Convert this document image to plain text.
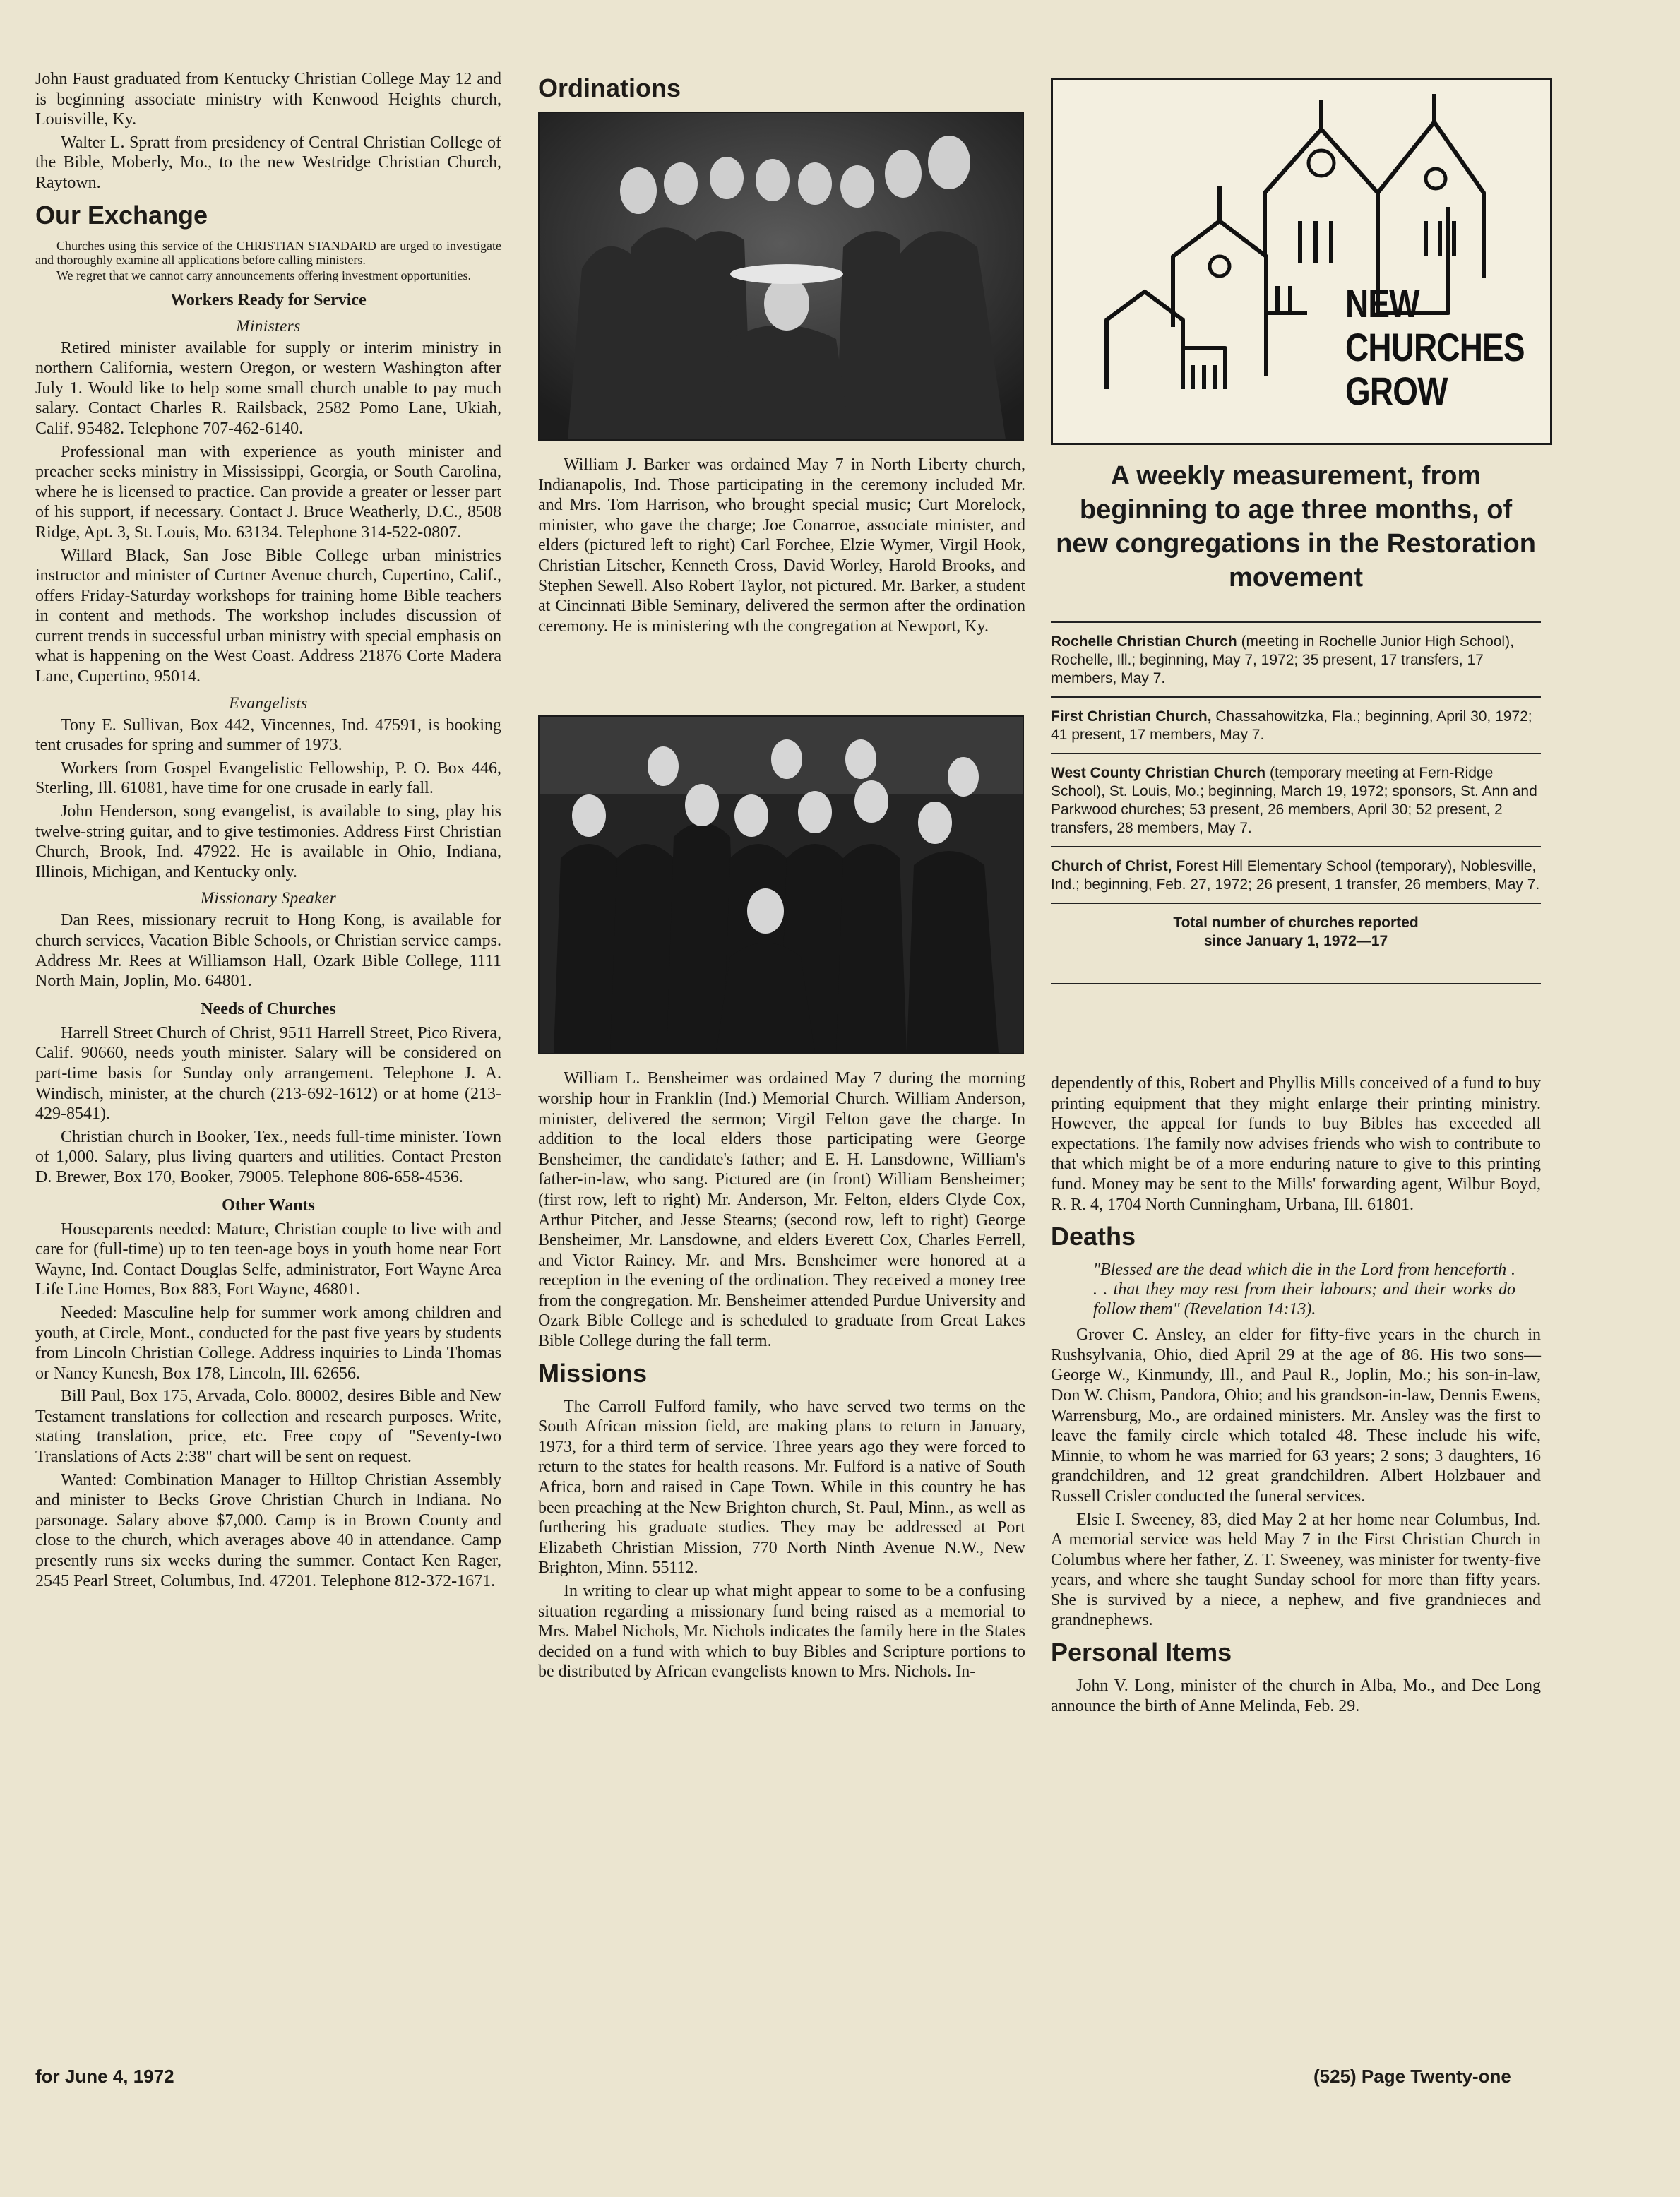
John Faust graduated from Kentucky Christian College May 12 and is beginning associate ministry with Kenwood Heights church, Louisville, Ky.

Walter L. Spratt from presidency of Central Christian College of the Bible, Moberly, Mo., to the new Westridge Christian Church, Raytown.

Our Exchange

Churches using this service of the CHRISTIAN STANDARD are urged to investigate and thoroughly examine all applications before calling ministers.

We regret that we cannot carry announcements offering investment opportunities.

Workers Ready for Service
Ministers

Retired minister available for supply or interim ministry in northern California, western Oregon, or western Washington after July 1. Would like to help some small church unable to pay much salary. Contact Charles R. Railsback, 2582 Pomo Lane, Ukiah, Calif. 95482. Telephone 707-462-6140.

Professional man with experience as youth minister and preacher seeks ministry in Mississippi, Georgia, or South Carolina, where he is licensed to practice. Can provide a greater or lesser part of his support, if necessary. Contact J. Bruce Weatherly, D.C., 8508 Ridge, Apt. 3, St. Louis, Mo. 63134. Telephone 314-522-0807.

Willard Black, San Jose Bible College urban ministries instructor and minister of Curtner Avenue church, Cupertino, Calif., offers Friday-Saturday workshops for training home Bible teachers in content and methods. The workshop includes discussion of current trends in successful urban ministry with special emphasis on what is happening on the West Coast. Address 21876 Corte Madera Lane, Cupertino, 95014.

Evangelists

Tony E. Sullivan, Box 442, Vincennes, Ind. 47591, is booking tent crusades for spring and summer of 1973.

Workers from Gospel Evangelistic Fellowship, P. O. Box 446, Sterling, Ill. 61081, have time for one crusade in early fall.

John Henderson, song evangelist, is available to sing, play his twelve-string guitar, and to give testimonies. Address First Christian Church, Brook, Ind. 47922. He is available in Ohio, Indiana, Illinois, Michigan, and Kentucky only.

Missionary Speaker

Dan Rees, missionary recruit to Hong Kong, is available for church services, Vacation Bible Schools, or Christian service camps. Address Mr. Rees at Williamson Hall, Ozark Bible College, 1111 North Main, Joplin, Mo. 64801.

Needs of Churches

Harrell Street Church of Christ, 9511 Harrell Street, Pico Rivera, Calif. 90660, needs youth minister. Salary will be considered on part-time basis for Sunday only arrangement. Telephone J. A. Windisch, minister, at the church (213-692-1612) or at home (213-429-8541).

Christian church in Booker, Tex., needs full-time minister. Town of 1,000. Salary, plus living quarters and utilities. Contact Preston D. Brewer, Box 170, Booker, 79005. Telephone 806-658-4536.

Other Wants

Houseparents needed: Mature, Christian couple to live with and care for (full-time) up to ten teen-age boys in youth home near Fort Wayne, Ind. Contact Douglas Selfe, administrator, Fort Wayne Area Life Line Homes, Box 883, Fort Wayne, 46801.

Needed: Masculine help for summer work among children and youth, at Circle, Mont., conducted for the past five years by students from Lincoln Christian College. Address inquiries to Linda Thomas or Nancy Kunesh, Box 178, Lincoln, Ill. 62656.

Bill Paul, Box 175, Arvada, Colo. 80002, desires Bible and New Testament translations for collection and research purposes. Write, stating translation, price, etc. Free copy of "Seventy-two Translations of Acts 2:38" chart will be sent on request.

Wanted: Combination Manager to Hilltop Christian Assembly and minister to Becks Grove Christian Church in Indiana. No parsonage. Salary above $7,000. Camp is in Brown County and close to the church, which averages above 40 in attendance. Camp presently runs six weeks during the summer. Contact Ken Rager, 2545 Pearl Street, Columbus, Ind. 47201. Telephone 812-372-1671.

Ordinations

William J. Barker was ordained May 7 in North Liberty church, Indianapolis, Ind. Those participating in the ceremony included Mr. and Mrs. Tom Harrison, who brought special music; Curt Morelock, minister, who gave the charge; Joe Conarroe, associate minister, and elders (pictured left to right) Carl Forchee, Elzie Wymer, Virgil Hook, Christian Litscher, Kenneth Cross, David Worley, Harold Brooks, and Stephen Sewell. Also Robert Taylor, not pictured. Mr. Barker, a student at Cincinnati Bible Seminary, delivered the sermon after the ordination ceremony. He is ministering wth the congregation at Newport, Ky.

William L. Bensheimer was ordained May 7 during the morning worship hour in Franklin (Ind.) Memorial Church. William Anderson, minister, delivered the sermon; Virgil Felton gave the charge. In addition to the local elders those participating were George Bensheimer, the candidate's father; and E. H. Lansdowne, William's father-in-law, who sang. Pictured are (in front) William Bensheimer; (first row, left to right) Mr. Anderson, Mr. Felton, elders Clyde Cox, Arthur Pitcher, and Jesse Stearns; (second row, left to right) George Bensheimer, Mr. Lansdowne, and elders Everett Cox, Charles Ferrell, and Victor Rainey. Mr. and Mrs. Bensheimer were honored at a reception in the evening of the ordination. They received a money tree from the congregation. Mr. Bensheimer attended Purdue University and Ozark Bible College and is scheduled to graduate from Great Lakes Bible College during the fall term.

Missions

The Carroll Fulford family, who have served two terms on the South African mission field, are making plans to return in January, 1973, for a third term of service. Three years ago they were forced to return to the states for health reasons. Mr. Fulford is a native of South Africa, born and raised in Cape Town. While in this country he has been preaching at the New Brighton church, St. Paul, Minn., as well as furthering his graduate studies. They may be addressed at Port Elizabeth Christian Mission, 770 North Ninth Avenue N.W., New Brighton, Minn. 55112.

In writing to clear up what might appear to some to be a confusing situation regarding a missionary fund being raised as a memorial to Mrs. Mabel Nichols, Mr. Nichols indicates the family here in the States decided on a fund with which to buy Bibles and Scripture portions to be distributed by African evangelists known to Mrs. Nichols. In-

NEW
CHURCHES
GROW
A weekly measurement, from beginning to age three months, of new congregations in the Restoration movement
Rochelle Christian Church (meeting in Rochelle Junior High School), Rochelle, Ill.; beginning, May 7, 1972; 35 present, 17 transfers, 17 members, May 7.
First Christian Church, Chassahowitzka, Fla.; beginning, April 30, 1972; 41 present, 17 members, May 7.
West County Christian Church (temporary meeting at Fern-Ridge School), St. Louis, Mo.; beginning, March 19, 1972; sponsors, St. Ann and Parkwood churches; 53 present, 26 members, April 30; 52 present, 2 transfers, 28 members, May 7.
Church of Christ, Forest Hill Elementary School (temporary), Noblesville, Ind.; beginning, Feb. 27, 1972; 26 present, 1 transfer, 26 members, May 7.
Total number of churches reported
since January 1, 1972—17

dependently of this, Robert and Phyllis Mills conceived of a fund to buy printing equipment that they might enlarge their printing ministry. However, the appeal for funds to buy Bibles has exceeded all expectations. The family now advises friends who wish to contribute to that which might be of a more enduring nature to give to this printing fund. Money may be sent to the Mills' forwarding agent, Wilbur Boyd, R. R. 4, 1704 North Cunningham, Urbana, Ill. 61801.

Deaths
"Blessed are the dead which die in the Lord from henceforth . . . that they may rest from their labours; and their works do follow them" (Revelation 14:13).

Grover C. Ansley, an elder for fifty-five years in the church in Rushsylvania, Ohio, died April 29 at the age of 86. His two sons—George W., Kinmundy, Ill., and Paul R., Joplin, Mo.; his son-in-law, Don W. Chism, Pandora, Ohio; and his grandson-in-law, Dennis Ewens, Warrensburg, Mo., are ordained ministers. Mr. Ansley was the first to leave the family circle which totaled 48. These include his wife, Minnie, to whom he was married for 63 years; 2 sons; 3 daughters, 16 grandchildren, and 12 great grandchildren. Albert Holzbauer and Russell Crisler conducted the funeral services.

Elsie I. Sweeney, 83, died May 2 at her home near Columbus, Ind. A memorial service was held May 7 in the First Christian Church in Columbus where her father, Z. T. Sweeney, was minister for twenty-five years, and where she taught Sunday school for more than fifty years. She is survived by a niece, a nephew, and five grandnieces and grandnephews.

Personal Items

John V. Long, minister of the church in Alba, Mo., and Dee Long announce the birth of Anne Melinda, Feb. 29.

for June 4, 1972	(525) Page Twenty-one
